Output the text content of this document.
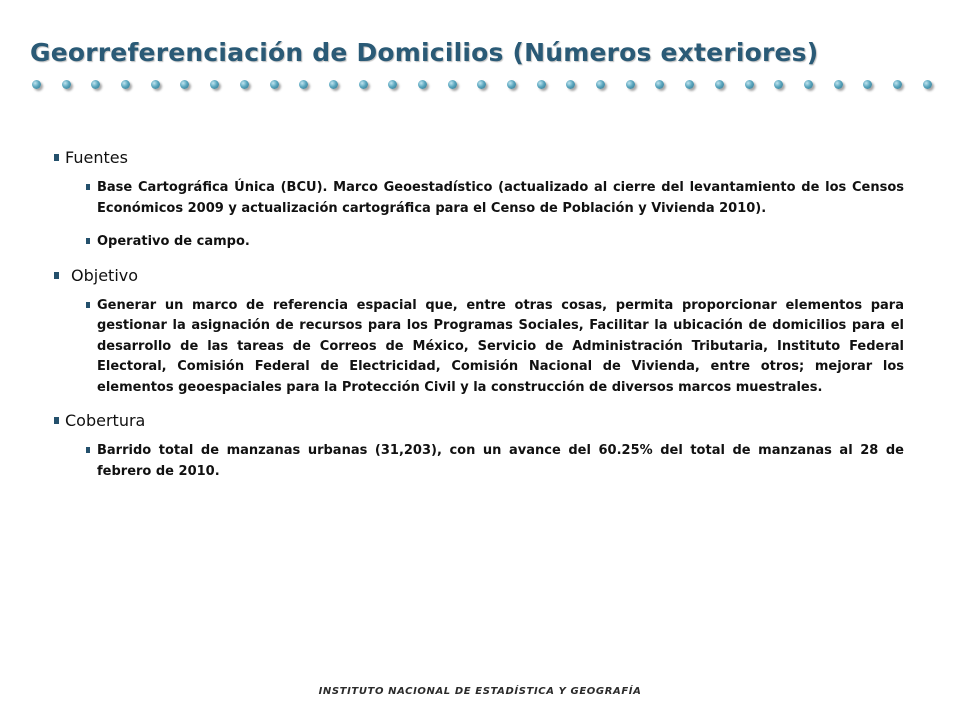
Georreferenciación de Domicilios (Números exteriores)
Fuentes
Base Cartográfica Única (BCU). Marco Geoestadístico (actualizado al cierre del levantamiento de los Censos Económicos 2009 y actualización cartográfica para el Censo de Población y Vivienda 2010).
Operativo de campo.
Objetivo
Generar un marco de referencia espacial que, entre otras cosas, permita proporcionar elementos para gestionar la asignación de recursos para los Programas Sociales, Facilitar la ubicación de domicilios para el desarrollo de las tareas de Correos de México, Servicio de Administración Tributaria, Instituto Federal Electoral, Comisión Federal de Electricidad, Comisión Nacional de Vivienda, entre otros; mejorar los elementos geoespaciales para la Protección Civil y la construcción de diversos marcos muestrales.
Cobertura
Barrido total de manzanas urbanas (31,203), con un avance del 60.25% del total de manzanas al 28 de febrero de 2010.
INSTITUTO NACIONAL DE ESTADÍSTICA Y GEOGRAFÍA
